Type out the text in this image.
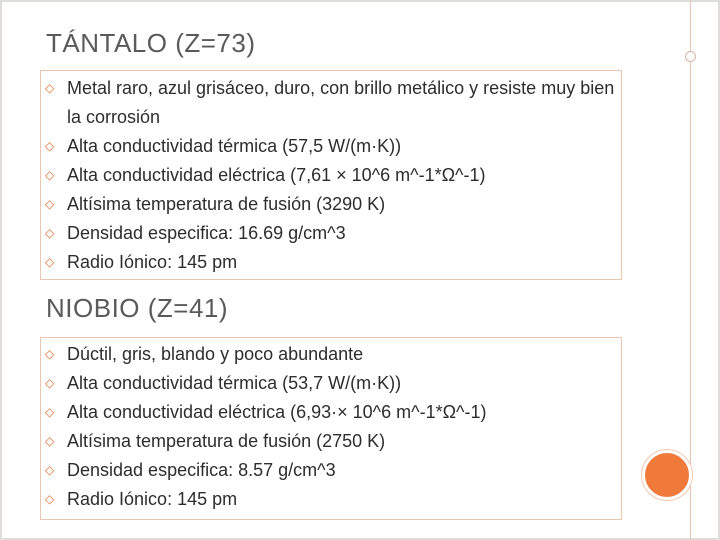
TÁNTALO (Z=73)
◇ Metal raro, azul grisáceo, duro, con brillo metálico y resiste muy bien la corrosión
◇ Alta conductividad térmica (57,5 W/(m·K))
◇ Alta conductividad eléctrica (7,61 × 10^6 m^-1*Ω^-1)
◇ Altísima temperatura de fusión (3290 K)
◇ Densidad especifica: 16.69 g/cm^3
◇ Radio Iónico: 145 pm
NIOBIO (Z=41)
◇ Dúctil, gris, blando y poco abundante
◇ Alta conductividad térmica (53,7 W/(m·K))
◇ Alta conductividad eléctrica (6,93·× 10^6 m^-1*Ω^-1)
◇ Altísima temperatura de fusión (2750 K)
◇ Densidad especifica: 8.57 g/cm^3
◇ Radio Iónico: 145 pm
